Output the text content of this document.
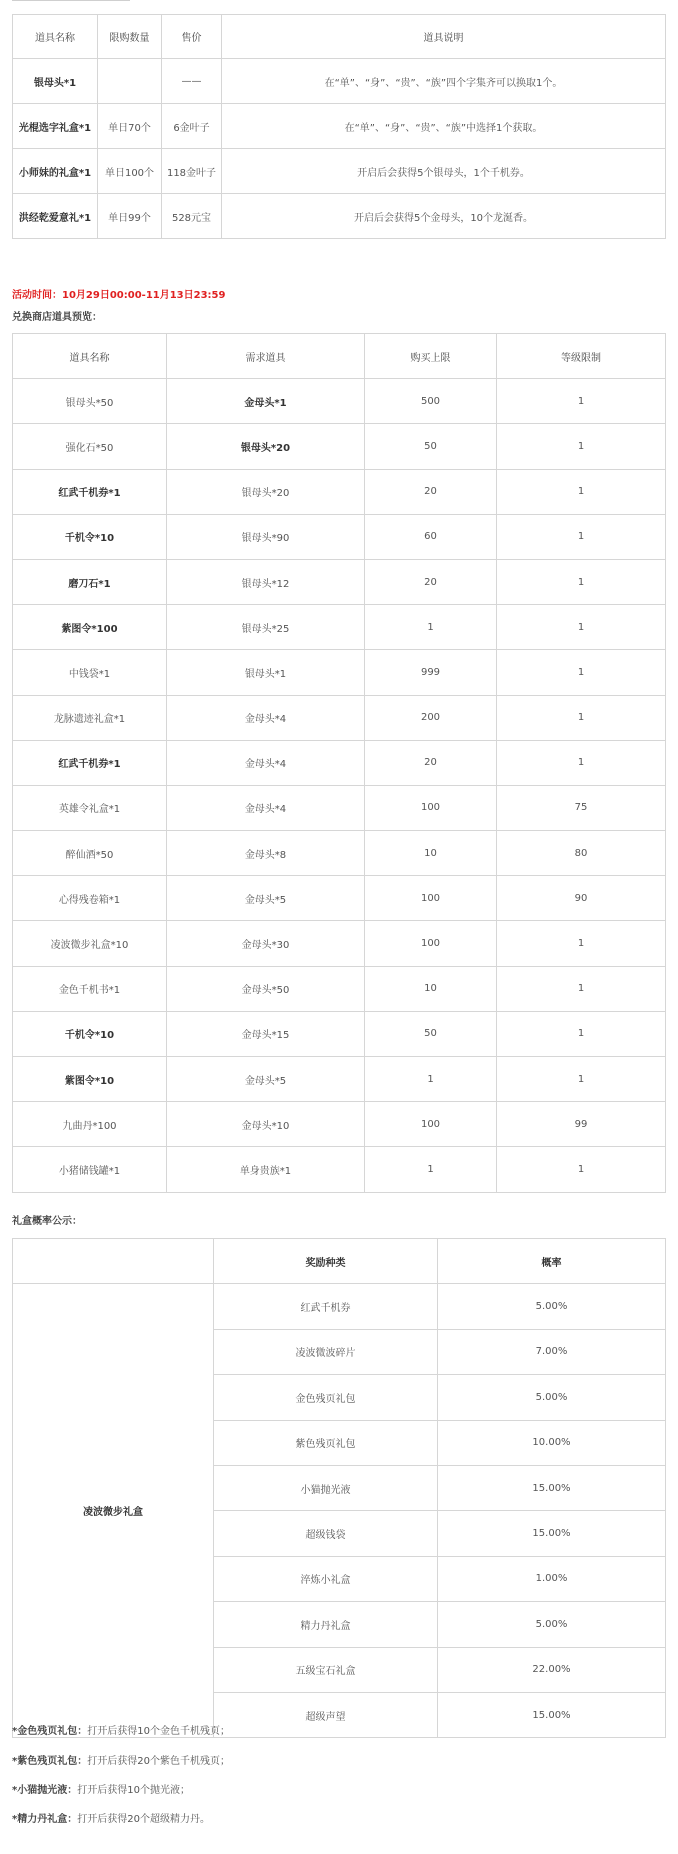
道具名称	限购数量	售价	道具说明
银母头*1		——	在“单”、“身”、“贵”、“族”四个字集齐可以换取1个。
光棍选字礼盒*1	单日70个	6金叶子	在“单”、“身”、“贵”、“族”中选择1个获取。
小师妹的礼盒*1	单日100个	118金叶子	开启后会获得5个银母头，1个千机券。
洪经乾爱意礼*1	单日99个	528元宝	开启后会获得5个金母头，10个龙涎香。
活动时间：10月29日00:00-11月13日23:59
兑换商店道具预览：
道具名称	需求道具	购买上限	等级限制
银母头*50	金母头*1	500	1
强化石*50	银母头*20	50	1
红武千机券*1	银母头*20	20	1
千机令*10	银母头*90	60	1
磨刀石*1	银母头*12	20	1
紫图令*100	银母头*25	1	1
中钱袋*1	银母头*1	999	1
龙脉遗迹礼盒*1	金母头*4	200	1
红武千机券*1	金母头*4	20	1
英雄令礼盒*1	金母头*4	100	75
醉仙酒*50	金母头*8	10	80
心得残卷箱*1	金母头*5	100	90
凌波微步礼盒*10	金母头*30	100	1
金色千机书*1	金母头*50	10	1
千机令*10	金母头*15	50	1
紫图令*10	金母头*5	1	1
九曲丹*100	金母头*10	100	99
小猪储钱罐*1	单身贵族*1	1	1
礼盒概率公示：
	奖励种类	概率
凌波微步礼盒	红武千机券	5.00%
	凌波微波碎片	7.00%
	金色残页礼包	5.00%
	紫色残页礼包	10.00%
	小猫抛光液	15.00%
	超级钱袋	15.00%
	淬炼小礼盒	1.00%
	精力丹礼盒	5.00%
	五级宝石礼盒	22.00%
	超级声望	15.00%
*金色残页礼包：打开后获得10个金色千机残页；
*紫色残页礼包：打开后获得20个紫色千机残页；
*小猫抛光液：打开后获得10个抛光液；
*精力丹礼盒：打开后获得20个超级精力丹。
